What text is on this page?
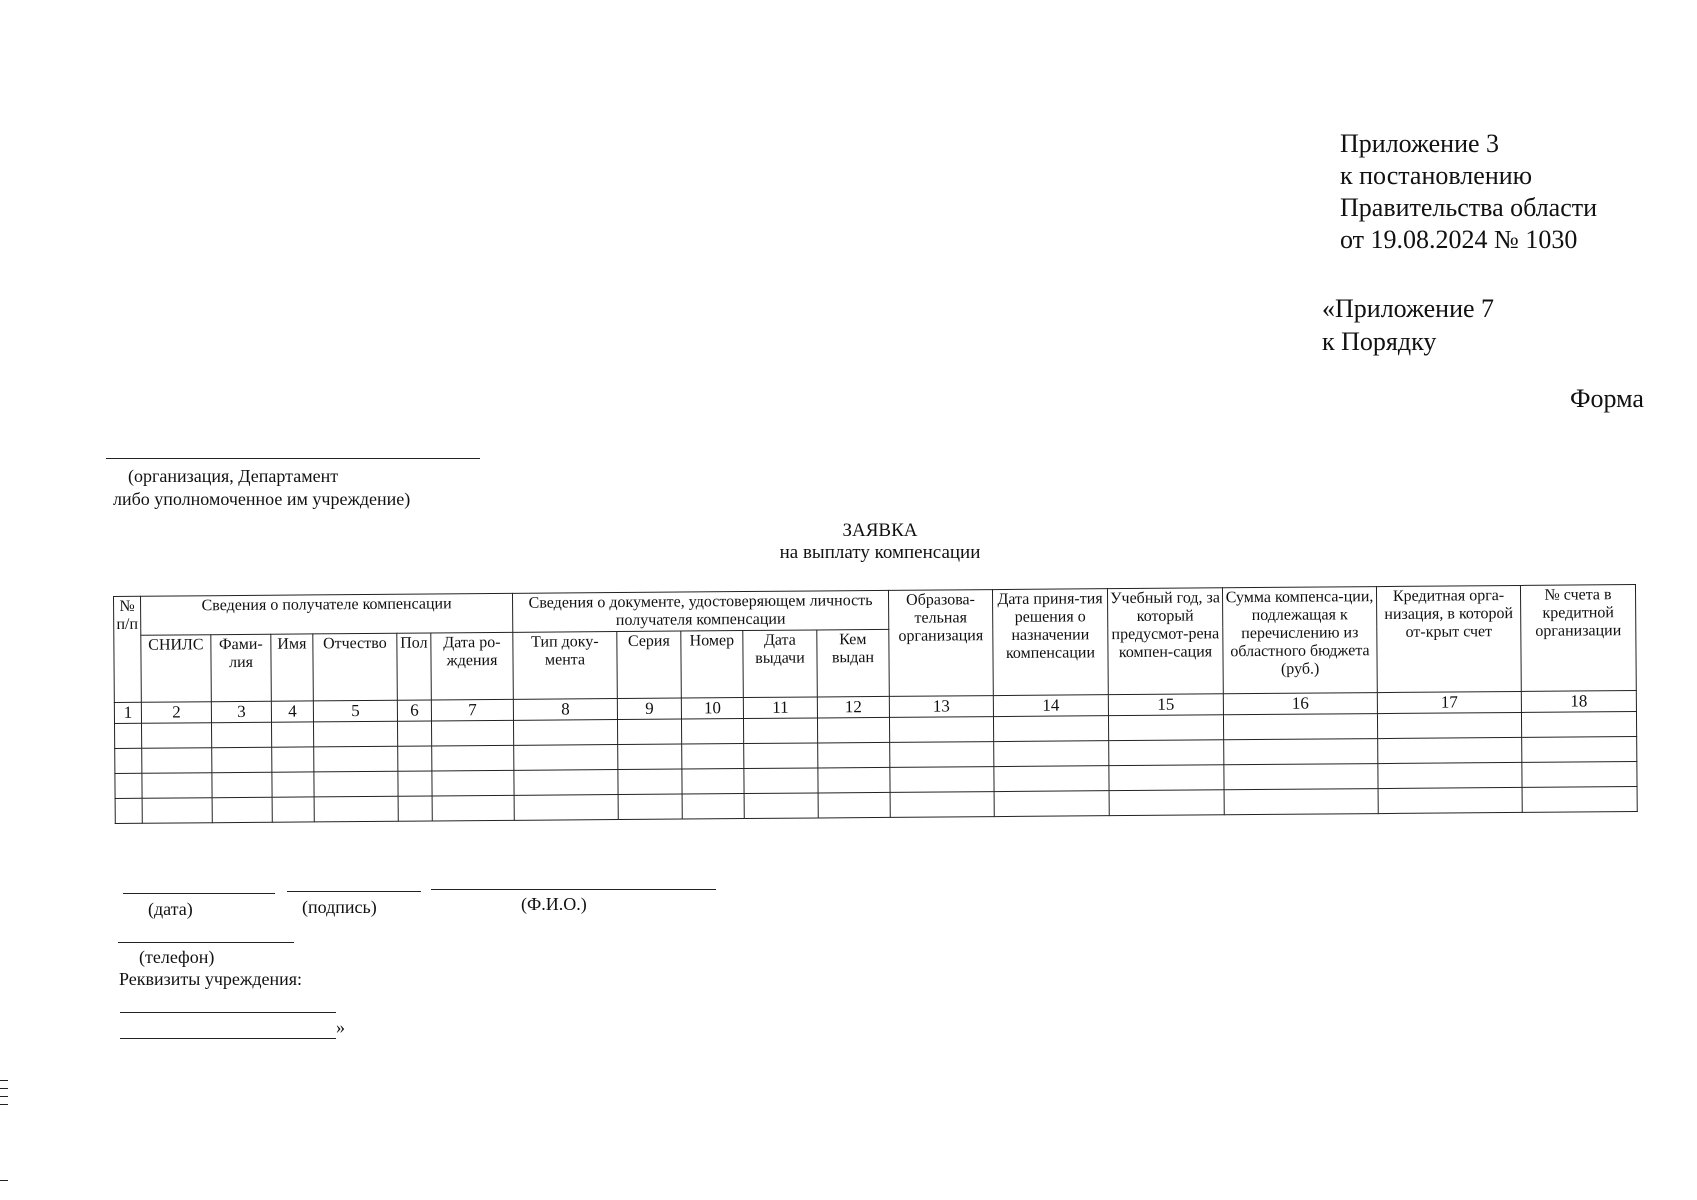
Приложение 3
к постановлению
Правительства области
от 19.08.2024 № 1030
«Приложение 7
к Порядку
Форма
(организация, Департамент
либо уполномоченное им учреждение)
ЗАЯВКА
на выплату компенсации
№ п/п	Сведения о получателе компенсации						Сведения о документе, удостоверяющем личность получателя компенсации					Образова-тельная организация	Дата приня-тия решения о назначении компенсации	Учебный год, за который предусмот-рена компен-сация	Сумма компенса-ции, подлежащая к перечислению из областного бюджета (руб.)	Кредитная орга-низация, в которой от-крыт счет	№ счета в кредитной организации
	СНИЛС	Фами-лия	Имя	Отчество	Пол	Дата ро-ждения	Тип доку-мента	Серия	Номер	Дата выдачи	Кем выдан						
1	2	3	4	5	6	7	8	9	10	11	12	13	14	15	16	17	18

(дата)	(подпись)	(Ф.И.О.)
(телефон)
Реквизиты учреждения:
»
